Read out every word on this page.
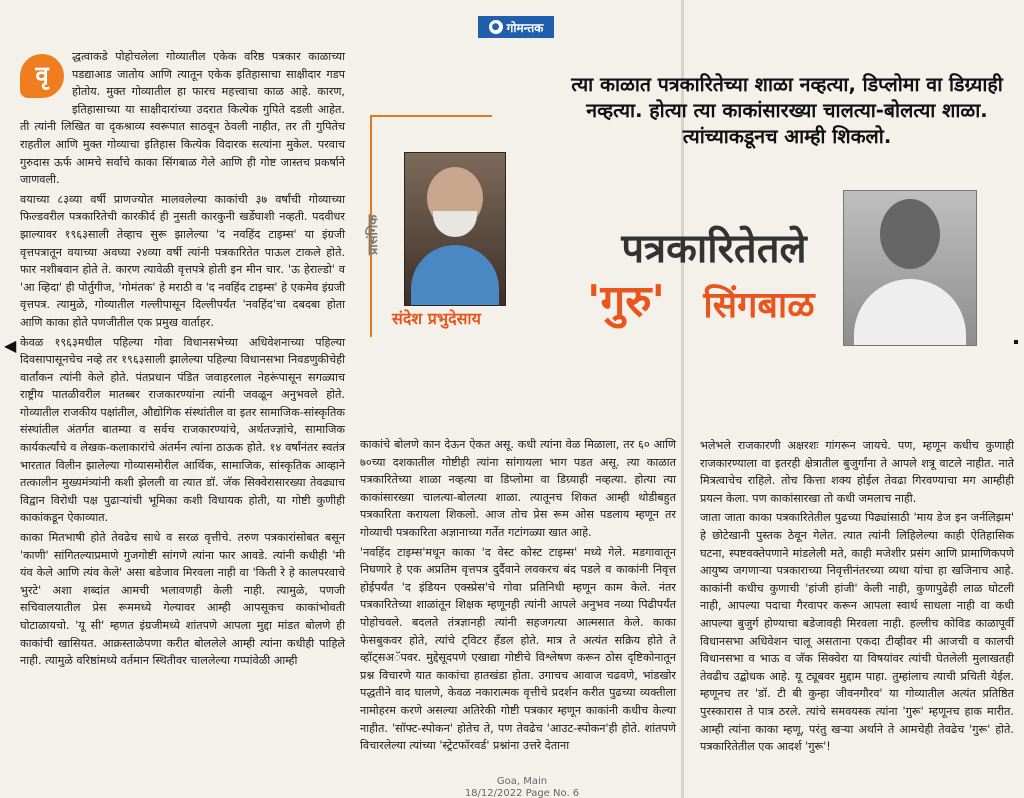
◀
● गोमन्तक
वृ

द्धत्वाकडे पोहोचलेला गोव्यातील एकेक वरिष्ठ पत्रकार काळाच्या पडद्याआड जातोय आणि त्यातून एकेक इतिहासाचा साक्षीदार गडप होतोय. मुक्त गोव्यातील हा फारच महत्त्वाचा काळ आहे. कारण, इतिहासाच्या या साक्षीदारांच्या उदरात कित्येक गुपिते दडली आहेत. ती त्यांनी लिखित वा दृकश्राव्य स्वरूपात साठवून ठेवली नाहीत, तर ती गुपितेच राहतील आणि मुक्त गोव्याचा इतिहास कित्येक विदारक सत्यांना मुकेल. परवाच गुरुदास ऊर्फ आमचे सर्वांचे काका सिंगबाळ गेले आणि ही गोष्ट जास्तच प्रकर्षाने जाणवली.

वयाच्या ८३व्या वर्षी प्राणज्योत मालवलेल्या काकांची ३७ वर्षांची गोव्याच्या फिल्डवरील पत्रकारितेची कारकीर्द ही नुसती कारकुनी खर्डेघाशी नव्हती. पदवीधर झाल्यावर १९६३साली तेव्हाच सुरू झालेल्या 'द नवहिंद टाइम्स' या इंग्रजी वृत्तपत्रातून वयाच्या अवघ्या २४व्या वर्षी त्यांनी पत्रकारितेत पाऊल टाकले होते. फार नशीबवान होते ते. कारण त्यावेळी वृत्तपत्रे होती इन मीन चार. 'ऊ हेराल्डो' व 'आ व्हिदा' ही पोर्तुगीज, 'गोमंतक' हे मराठी व 'द नवहिंद टाइम्स' हे एकमेव इंग्रजी वृत्तपत्र. त्यामुळे, गोव्यातील गल्लीपासून दिल्लीपर्यंत 'नवहिंद'चा दबदबा होता आणि काका होते पणजीतील एक प्रमुख वार्ताहर.

केवळ १९६३मधील पहिल्या गोवा विधानसभेच्या अधिवेशनाच्या पहिल्या दिवसापासूनचेच नव्हे तर १९६३साली झालेल्या पहिल्या विधानसभा निवडणुकीचेही वार्तांकन त्यांनी केले होते. पंतप्रधान पंडित जवाहरलाल नेहरूंपासून सगळ्याच राष्ट्रीय पातळीवरील मातब्बर राजकारण्यांना त्यांनी जवळून अनुभवले होते. गोव्यातील राजकीय पक्षांतील, औद्योगिक संस्थांतील वा इतर सामाजिक-सांस्कृतिक संस्थांतील अंतर्गत बातम्या व सर्वच राजकारण्यांचे, अर्थतज्ज्ञांचे, सामाजिक कार्यकर्त्यांचे व लेखक-कलाकारांचे अंतर्मन त्यांना ठाऊक होते. १४ वर्षांनंतर स्वतंत्र भारतात विलीन झालेल्या गोव्यासमोरील आर्थिक, सामाजिक, सांस्कृतिक आव्हाने तत्कालीन मुख्यमंत्र्यांनी कशी झेलली वा त्यात डॉ. जॅक सिक्वेरासारख्या तेवढ्याच विद्वान विरोधी पक्ष पुढाऱ्यांची भूमिका कशी विधायक होती, या गोष्टी कुणीही काकांकडून ऐकाव्यात.

काका मितभाषी होते तेवढेच साधे व सरळ वृत्तीचे. तरुण पत्रकारांसोबत बसून 'काणी' सांगितल्याप्रमाणे गुजगोष्टी सांगणे त्यांना फार आवडे. त्यांनी कधीही 'मी यंव केले आणि त्यंव केले' असा बडेजाव मिरवला नाही वा 'किती रे हे कालपरवाचे भुरटे' अशा शब्दांत आमची भलावणही केली नाही. त्यामुळे, पणजी सचिवालयातील प्रेस रूममध्ये गेल्यावर आम्ही आपसूकच काकांभोवती घोटाळायचो. 'यू सी' म्हणत इंग्रजीमध्ये शांतपणे आपला मुद्दा मांडत बोलणे ही काकांची खासियत. आक्रस्ताळेपणा करीत बोललेले आम्ही त्यांना कधीही पाहिले नाही. त्यामुळे वरिष्ठांमध्ये वर्तमान स्थितीवर चाललेल्या गप्पांवेळी आम्ही

त्या काळात पत्रकारितेच्या शाळा नव्हत्या, डिप्लोमा वा डिग्र्याही नव्हत्या. होत्या त्या काकांसारख्या चालत्या-बोलत्या शाळा. त्यांच्याकडूनच आम्ही शिकलो.
प्रासंगिक
संदेश प्रभुदेसाय
पत्रकारितेतले
'गुरु'	सिंगबाळ

काकांचे बोलणे कान देऊन ऐकत असू. कधी त्यांना वेळ मिळाला, तर ६० आणि ७०च्या दशकातील गोष्टीही त्यांना सांगायला भाग पडत असू. त्या काळात पत्रकारितेच्या शाळा नव्हत्या वा डिप्लोमा वा डिग्र्याही नव्हत्या. होत्या त्या काकांसारख्या चालत्या-बोलत्या शाळा. त्यातूनच शिकत आम्ही थोडीबहुत पत्रकारिता करायला शिकलो. आज तोच प्रेस रूम ओस पडलाय म्हणून तर गोव्याची पत्रकारिता अज्ञानाच्या गर्तेत गटांगळ्या खात आहे.

'नवहिंद टाइम्स'मधून काका 'द वेस्ट कोस्ट टाइम्स' मध्ये गेले. मडगावातून निघणारे हे एक अप्रतिम वृत्तपत्र दुर्दैवाने लवकरच बंद पडले व काकांनी निवृत्त होईपर्यंत 'द इंडियन एक्स्प्रेस'चे गोवा प्रतिनिधी म्हणून काम केले. नंतर पत्रकारितेच्या शाळांतून शिक्षक म्हणूनही त्यांनी आपले अनुभव नव्या पिढीपर्यंत पोहोचवले. बदलते तंत्रज्ञानही त्यांनी सहजगत्या आत्मसात केले. काका फेसबुकवर होते, त्यांचे ट्विटर हँडल होते. मात्र ते अत्यंत सक्रिय होते ते व्हॉट्सअॅपवर. मुद्देसूदपणे एखाद्या गोष्टीचे विश्लेषण करून ठोस दृष्टिकोनातून प्रश्न विचारणे यात काकांचा हातखंडा होता. उगाचच आवाज चढवणे, भांडखोर पद्धतीने वाद घालणे, केवळ नकारात्मक वृत्तीचे प्रदर्शन करीत पुढच्या व्यक्तीला नामोहरम करणे असल्या अतिरेकी गोष्टी पत्रकार म्हणून काकांनी कधीच केल्या नाहीत. 'सॉफ्ट-स्पोकन' होतेच ते, पण तेवढेच 'आउट-स्पोकन'ही होते. शांतपणे विचारलेल्या त्यांच्या 'स्ट्रेटफॉरवर्ड' प्रश्नांना उत्तरे देताना

भलेभले राजकारणी अक्षरशः गांगरून जायचे. पण, म्हणून कधीच कुणाही राजकारण्याला वा इतरही क्षेत्रातील बुजुर्गांना ते आपले शत्रू वाटले नाहीत. नाते मित्रत्वाचेच राहिले. तोच कित्ता शक्य होईल तेवढा गिरवण्याचा मग आम्हीही प्रयत्न केला. पण काकांसारखा तो कधी जमलाच नाही.

जाता जाता काका पत्रकारितेतील पुढच्या पिढ्यांसाठी 'माय डेज इन जर्नलिझम' हे छोटेखानी पुस्तक ठेवून गेलेत. त्यात त्यांनी लिहिलेल्या काही ऐतिहासिक घटना, स्पष्टवक्तेपणाने मांडलेली मते, काही मजेशीर प्रसंग आणि प्रामाणिकपणे आयुष्य जगणाऱ्या पत्रकाराच्या निवृत्तीनंतरच्या व्यथा यांचा हा खजिनाच आहे. काकांनी कधीच कुणाची 'हांजी हांजी' केली नाही, कुणापुढेही लाळ घोटली नाही, आपल्या पदाचा गैरवापर करून आपला स्वार्थ साधला नाही वा कधी आपल्या बुजुर्ग होण्याचा बडेजावही मिरवला नाही. हल्लीच कोविड काळापूर्वी विधानसभा अधिवेशन चालू असताना एकदा टीव्हीवर मी आजची व कालची विधानसभा व भाऊ व जॅक सिक्वेरा या विषयांवर त्यांची घेतलेली मुलाखतही तेवढीच उद्बोधक आहे. यू ट्यूबवर मुद्दाम पाहा. तुम्हांलाच त्याची प्रचिती येईल. म्हणूनच तर 'डॉ. टी बी कुन्हा जीवनगौरव' या गोव्यातील अत्यंत प्रतिष्ठित पुरस्कारास ते पात्र ठरले. त्यांचे समवयस्क त्यांना 'गुरू' म्हणूनच हाक मारीत. आम्ही त्यांना काका म्हणू, परंतु खऱ्या अर्थाने ते आमचेही तेवढेच 'गुरू' होते. पत्रकारितेतील एक आदर्श 'गुरू'!

Goa, Main
18/12/2022 Page No. 6
